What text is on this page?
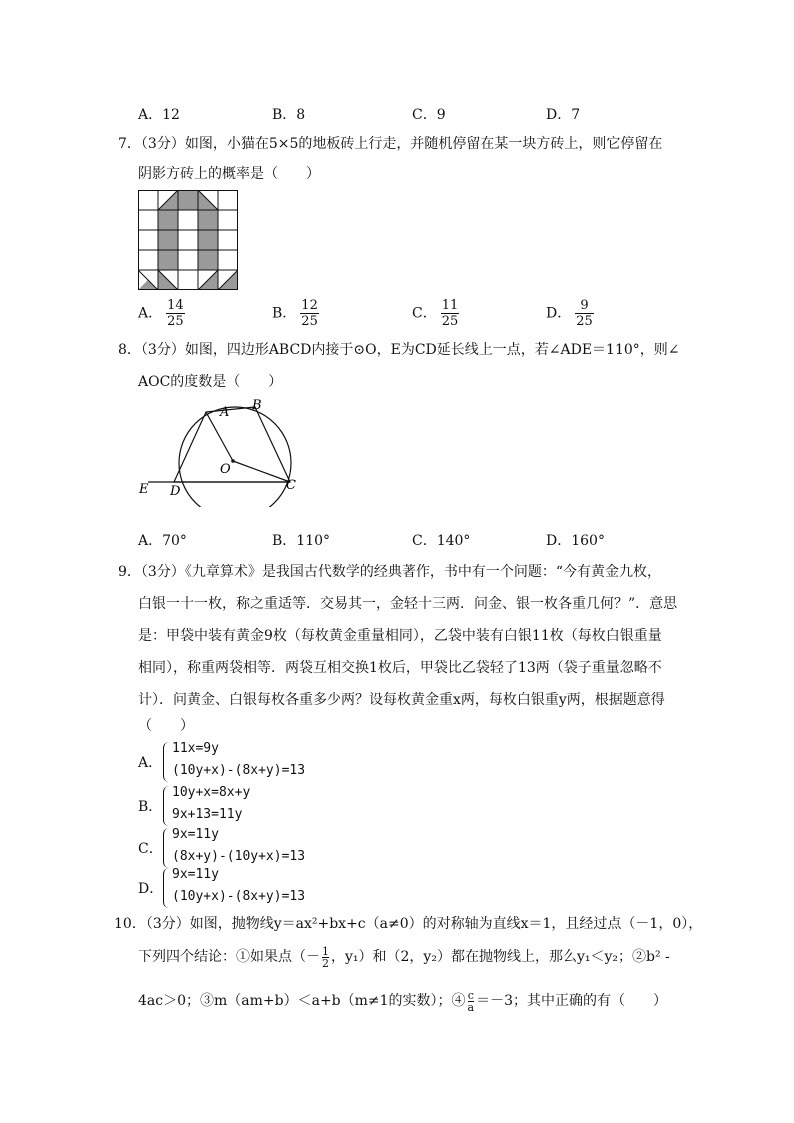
A．12	B．8	C．9	D．7
7．（3分）如图，小猫在5×5的地板砖上行走，并随机停留在某一块方砖上，则它停留在
阴影方砖上的概率是（　　）
A． $\frac{14}{25}$	B． $\frac{12}{25}$	C． $\frac{11}{25}$	D． $\frac{9}{25}$
8．（3分）如图，四边形ABCD内接于⊙O，E为CD延长线上一点，若∠ADE＝110°，则∠
AOC的度数是（　　）
A B
O
C
D
E
A．70°	B．110°	C．140°	D．160°
9．（3分）《九章算术》是我国古代数学的经典著作，书中有一个问题：“今有黄金九枚，
白银一十一枚，称之重适等．交易其一，金轻十三两．问金、银一枚各重几何？”．意思
是：甲袋中装有黄金9枚（每枚黄金重量相同），乙袋中装有白银11枚（每枚白银重量
相同），称重两袋相等．两袋互相交换1枚后，甲袋比乙袋轻了13两（袋子重量忽略不
计）．问黄金、白银每枚各重多少两？设每枚黄金重x两，每枚白银重y两，根据题意得
（　　）
A．
11x=9y
(10y+x)-(8x+y)=13
B．
10y+x=8x+y
9x+13=11y
C．
9x=11y
(8x+y)-(10y+x)=13
D．
9x=11y
(10y+x)-(8x+y)=13
10．（3分）如图，抛物线y＝ax²+bx+c（a≠0）的对称轴为直线x＝1，且经过点（－1，0），
下列四个结论：①如果点（－ $\frac{1}{2}$ ，y₁）和（2，y₂）都在抛物线上，那么y₁＜y₂；②b² -
4ac＞0；③m（am+b）＜a+b（m≠1的实数）；④ $\frac{c}{a} =-3$；其中正确的有（　　）
